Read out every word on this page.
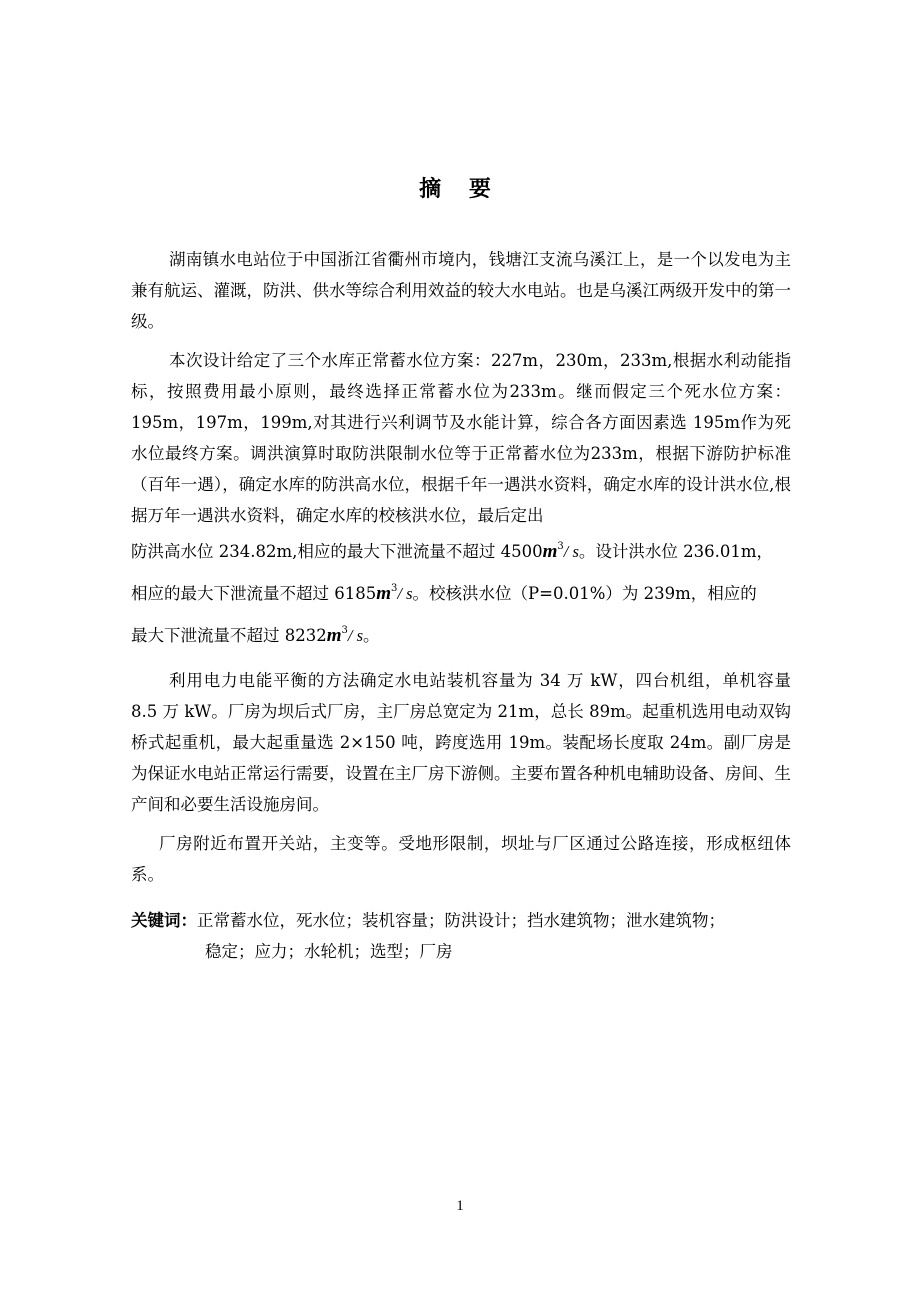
摘 要

湖南镇水电站位于中国浙江省衢州市境内，钱塘江支流乌溪江上，是一个以发电为主兼有航运、灌溉，防洪、供水等综合利用效益的较大水电站。也是乌溪江两级开发中的第一级。

本次设计给定了三个水库正常蓄水位方案：227m，230m，233m,根据水利动能指标，按照费用最小原则，最终选择正常蓄水位为233m。继而假定三个死水位方案：195m，197m，199m,对其进行兴利调节及水能计算，综合各方面因素选 195m作为死水位最终方案。调洪演算时取防洪限制水位等于正常蓄水位为233m，根据下游防护标准（百年一遇），确定水库的防洪高水位，根据千年一遇洪水资料，确定水库的设计洪水位,根据万年一遇洪水资料，确定水库的校核洪水位，最后定出
防洪高水位 234.82m,相应的最大下泄流量不超过 $4500m^3/$ s。设计洪水位 236.01m，
相应的最大下泄流量不超过 $6185m^3/$ s。校核洪水位（P=0.01%）为 239m，相应的
最大下泄流量不超过 $8232m^3/$ s。

利用电力电能平衡的方法确定水电站装机容量为 34 万 kW，四台机组，单机容量 8.5 万 kW。厂房为坝后式厂房，主厂房总宽定为 21m，总长 89m。起重机选用电动双钩桥式起重机，最大起重量选 2×150 吨，跨度选用 19m。装配场长度取 24m。副厂房是为保证水电站正常运行需要，设置在主厂房下游侧。主要布置各种机电辅助设备、房间、生产间和必要生活设施房间。

厂房附近布置开关站，主变等。受地形限制，坝址与厂区通过公路连接，形成枢纽体系。

关键词：正常蓄水位，死水位；装机容量；防洪设计；挡水建筑物；泄水建筑物；
稳定；应力；水轮机；选型；厂房
1
